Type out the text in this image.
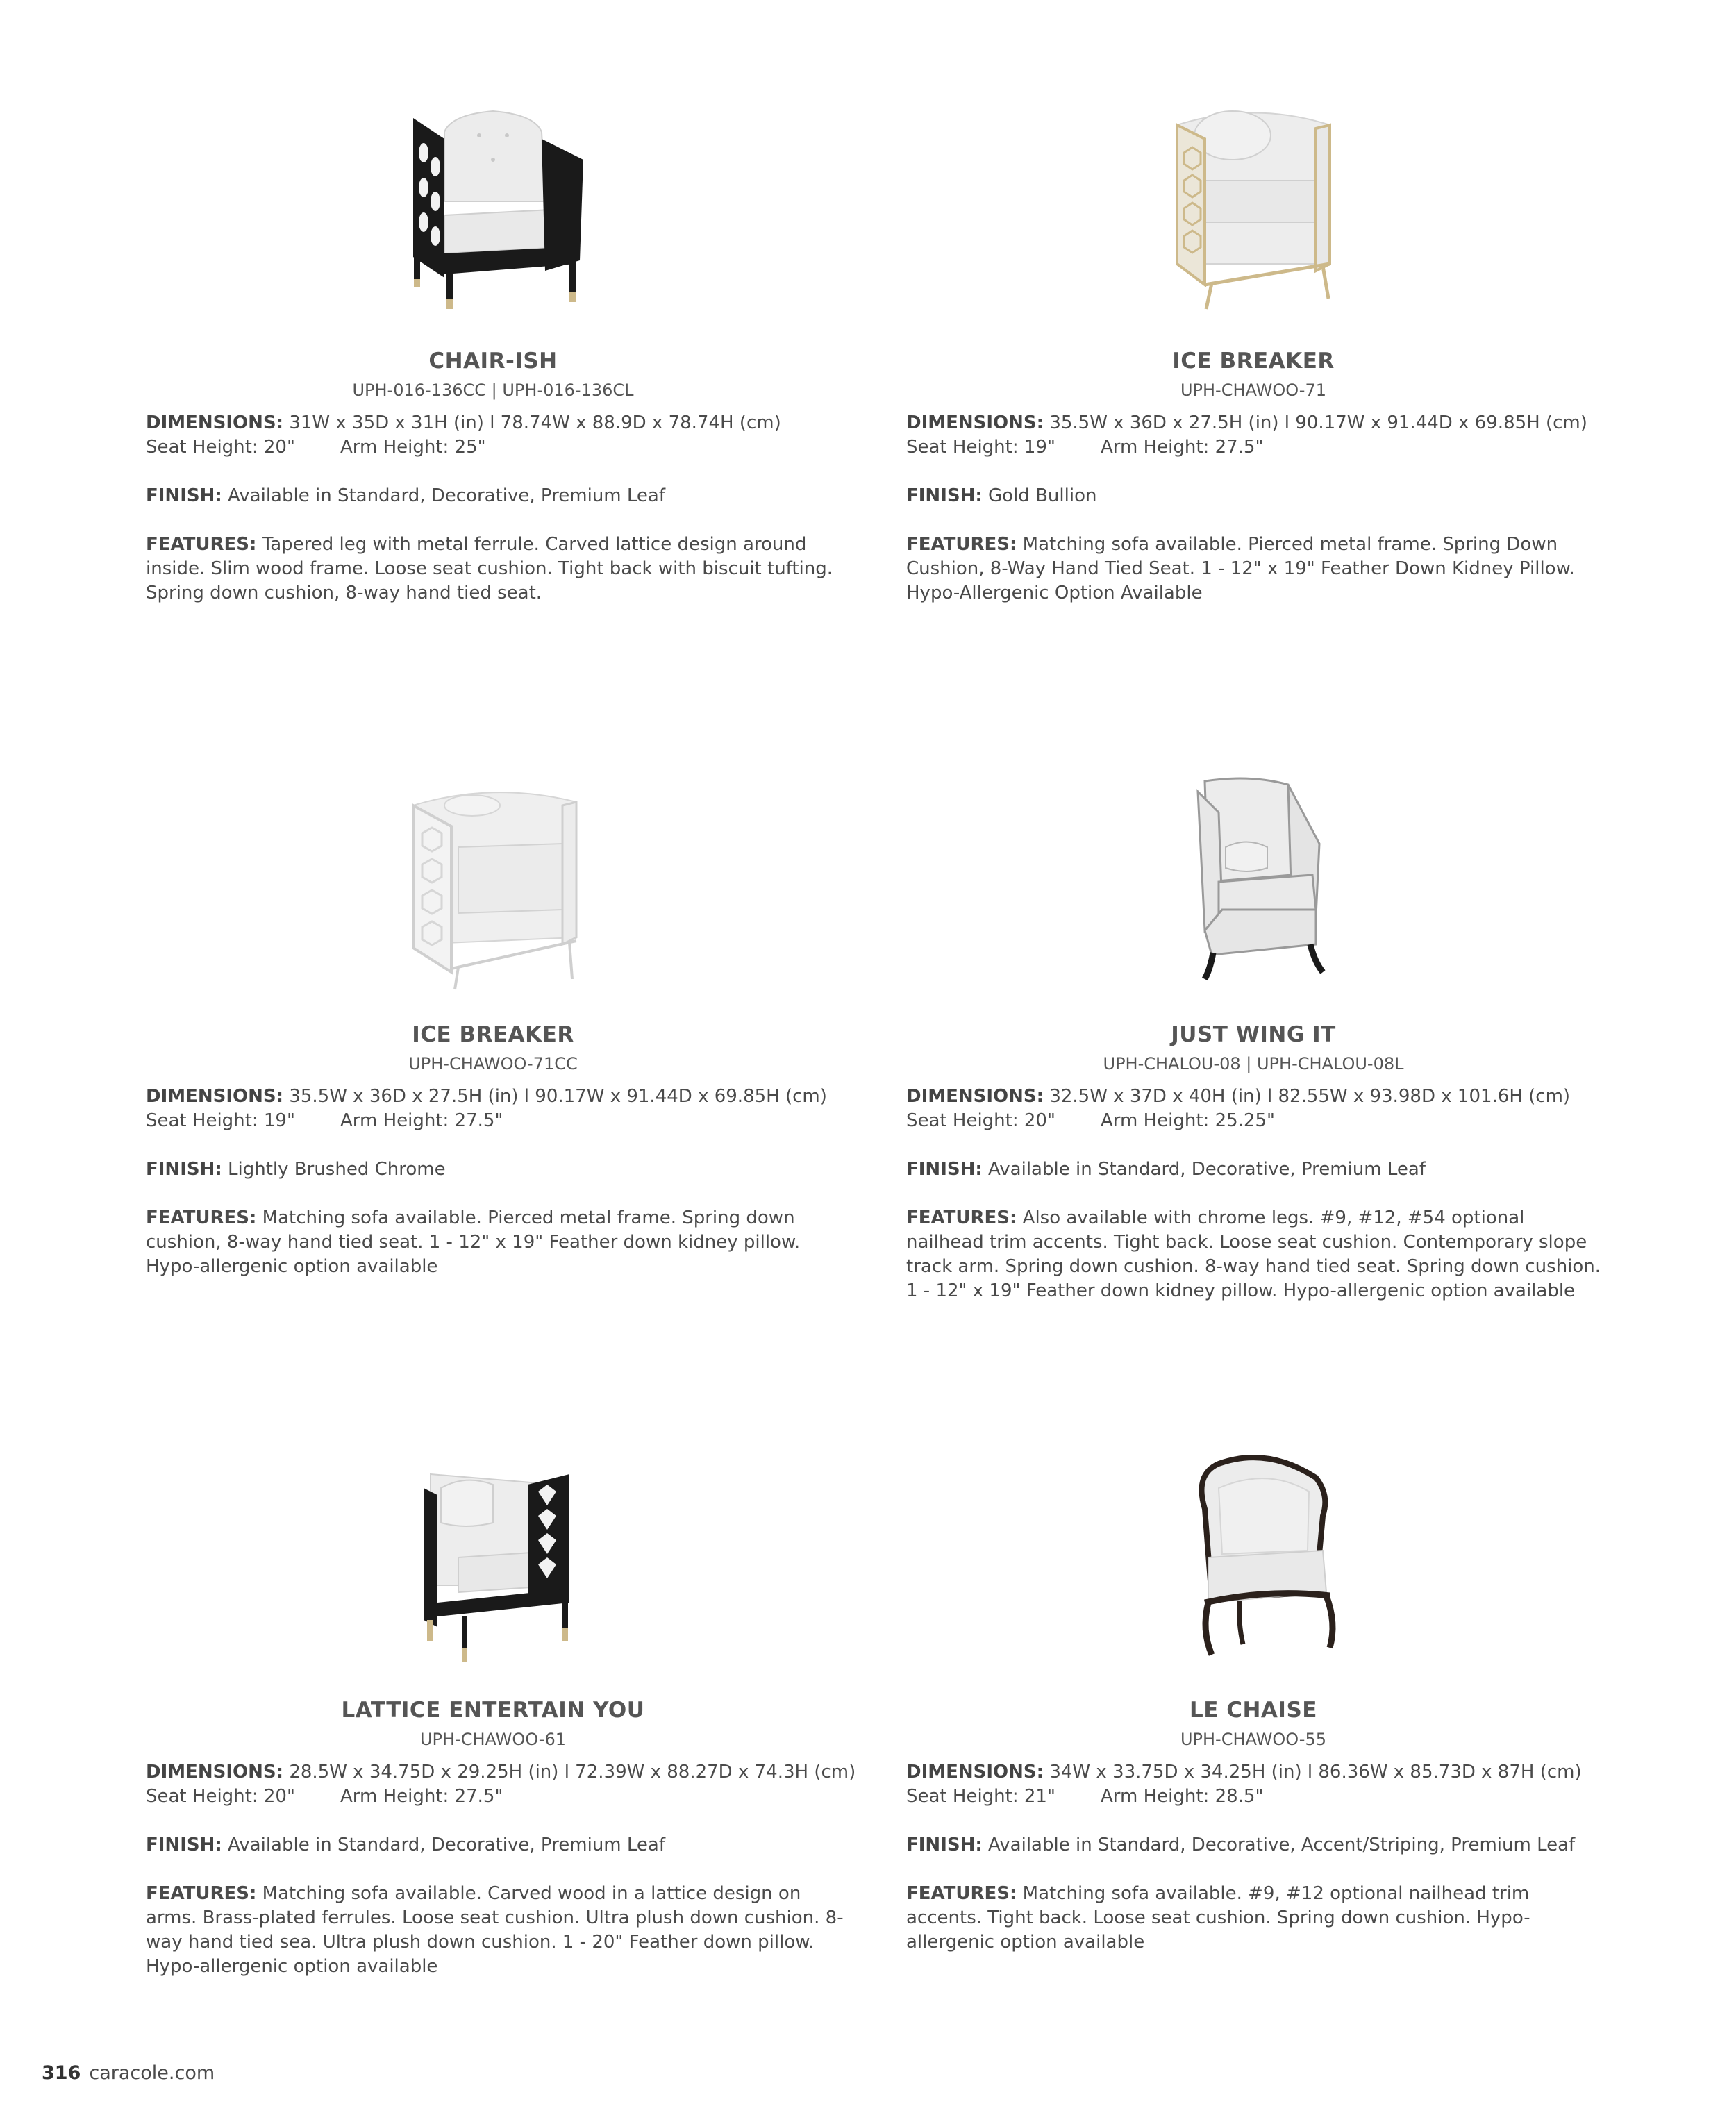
CHAIR-ISH
UPH-016-136CC | UPH-016-136CL
DIMENSIONS: 31W x 35D x 31H (in) l 78.74W x 88.9D x 78.74H (cm)
Seat Height: 20"	Arm Height: 25"
FINISH: Available in Standard, Decorative, Premium Leaf
FEATURES: Tapered leg with metal ferrule. Carved lattice design around inside. Slim wood frame. Loose seat cushion. Tight back with biscuit tufting. Spring down cushion, 8-way hand tied seat.
ICE BREAKER
UPH-CHAWOO-71
DIMENSIONS: 35.5W x 36D x 27.5H (in) l 90.17W x 91.44D x 69.85H (cm)
Seat Height: 19"	Arm Height: 27.5"
FINISH: Gold Bullion
FEATURES: Matching sofa available. Pierced metal frame. Spring Down Cushion, 8-Way Hand Tied Seat. 1 - 12" x 19" Feather Down Kidney Pillow. Hypo-Allergenic Option Available
ICE BREAKER
UPH-CHAWOO-71CC
DIMENSIONS: 35.5W x 36D x 27.5H (in) l 90.17W x 91.44D x 69.85H (cm)
Seat Height: 19"	Arm Height: 27.5"
FINISH: Lightly Brushed Chrome
FEATURES: Matching sofa available. Pierced metal frame. Spring down cushion, 8-way hand tied seat. 1 - 12" x 19" Feather down kidney pillow. Hypo-allergenic option available
JUST WING IT
UPH-CHALOU-08 | UPH-CHALOU-08L
DIMENSIONS: 32.5W x 37D x 40H (in) l 82.55W x 93.98D x 101.6H (cm)
Seat Height: 20"	Arm Height: 25.25"
FINISH: Available in Standard, Decorative, Premium Leaf
FEATURES: Also available with chrome legs. #9, #12, #54 optional nailhead trim accents. Tight back. Loose seat cushion. Contemporary slope track arm. Spring down cushion. 8-way hand tied seat. Spring down cushion. 1 - 12" x 19" Feather down kidney pillow. Hypo-allergenic option available
LATTICE ENTERTAIN YOU
UPH-CHAWOO-61
DIMENSIONS: 28.5W x 34.75D x 29.25H (in) l 72.39W x 88.27D x 74.3H (cm)
Seat Height: 20"	Arm Height: 27.5"
FINISH: Available in Standard, Decorative, Premium Leaf
FEATURES: Matching sofa available. Carved wood in a lattice design on arms. Brass-plated ferrules. Loose seat cushion. Ultra plush down cushion. 8-way hand tied sea. Ultra plush down cushion. 1 - 20" Feather down pillow. Hypo-allergenic option available
LE CHAISE
UPH-CHAWOO-55
DIMENSIONS: 34W x 33.75D x 34.25H (in) l 86.36W x 85.73D x 87H (cm)
Seat Height: 21"	Arm Height: 28.5"
FINISH: Available in Standard, Decorative, Accent/Striping, Premium Leaf
FEATURES: Matching sofa available. #9, #12 optional nailhead trim accents. Tight back. Loose seat cushion. Spring down cushion. Hypo-allergenic option available
316 caracole.com
